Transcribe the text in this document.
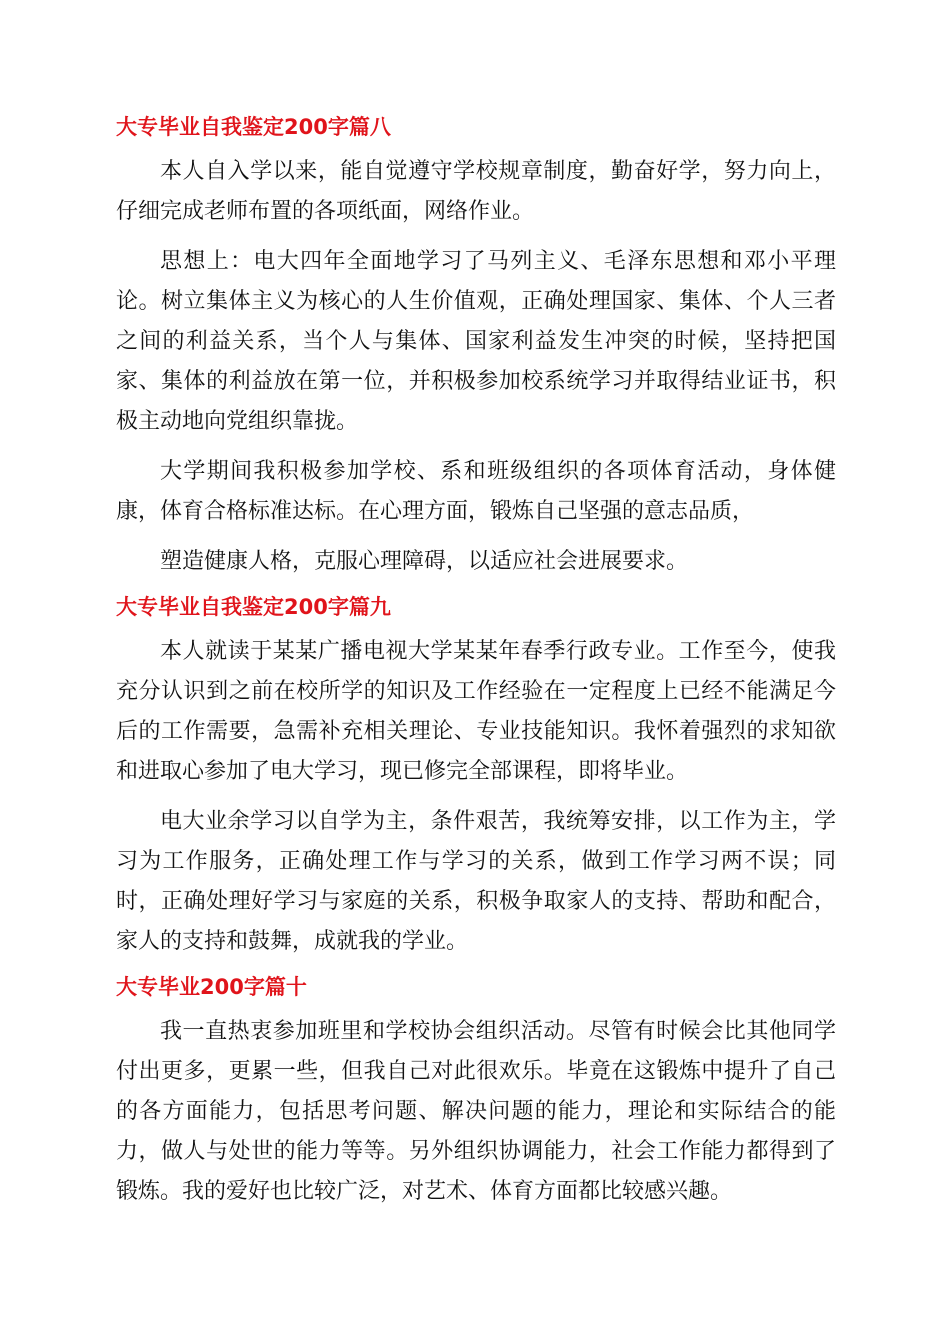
大专毕业自我鉴定200字篇八

本人自入学以来，能自觉遵守学校规章制度，勤奋好学，努力向上，仔细完成老师布置的各项纸面，网络作业。

思想上：电大四年全面地学习了马列主义、毛泽东思想和邓小平理论。树立集体主义为核心的人生价值观，正确处理国家、集体、个人三者之间的利益关系，当个人与集体、国家利益发生冲突的时候，坚持把国家、集体的利益放在第一位，并积极参加校系统学习并取得结业证书，积极主动地向党组织靠拢。

大学期间我积极参加学校、系和班级组织的各项体育活动，身体健康，体育合格标准达标。在心理方面，锻炼自己坚强的意志品质，

塑造健康人格，克服心理障碍，以适应社会进展要求。

大专毕业自我鉴定200字篇九

本人就读于某某广播电视大学某某年春季行政专业。工作至今，使我充分认识到之前在校所学的知识及工作经验在一定程度上已经不能满足今后的工作需要，急需补充相关理论、专业技能知识。我怀着强烈的求知欲和进取心参加了电大学习，现已修完全部课程，即将毕业。

电大业余学习以自学为主，条件艰苦，我统筹安排，以工作为主，学习为工作服务，正确处理工作与学习的关系，做到工作学习两不误；同时，正确处理好学习与家庭的关系，积极争取家人的支持、帮助和配合，家人的支持和鼓舞，成就我的学业。

大专毕业200字篇十

我一直热衷参加班里和学校协会组织活动。尽管有时候会比其他同学付出更多，更累一些，但我自己对此很欢乐。毕竟在这锻炼中提升了自己的各方面能力，包括思考问题、解决问题的能力，理论和实际结合的能力，做人与处世的能力等等。另外组织协调能力，社会工作能力都得到了锻炼。我的爱好也比较广泛，对艺术、体育方面都比较感兴趣。
